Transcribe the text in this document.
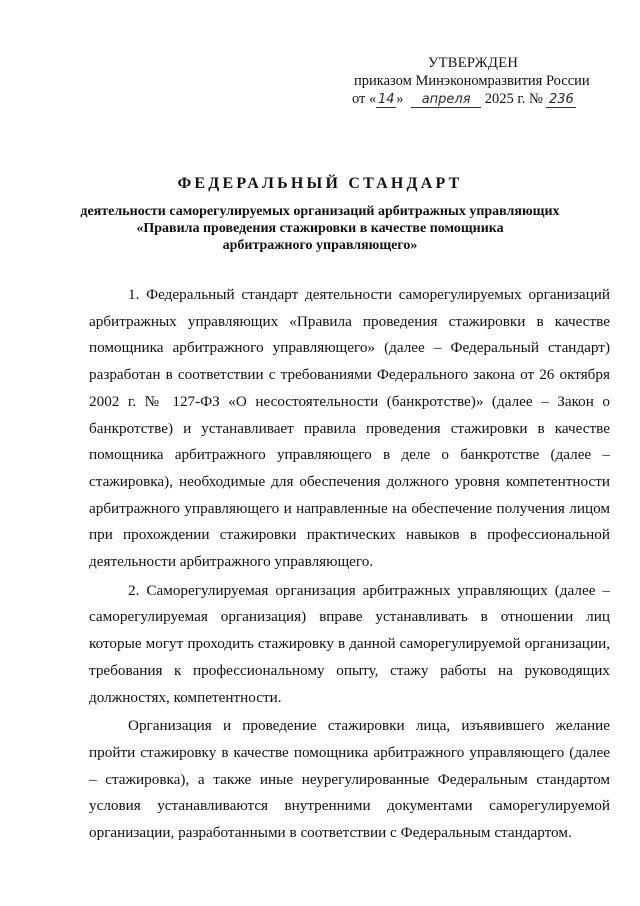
УТВЕРЖДЕН
приказом Минэкономразвития России
от « 14 » апреля 2025 г. № 236
ФЕДЕРАЛЬНЫЙ СТАНДАРТ
деятельности саморегулируемых организаций арбитражных управляющих
«Правила проведения стажировки в качестве помощника
арбитражного управляющего»

1. Федеральный стандарт деятельности саморегулируемых организаций арбитражных управляющих «Правила проведения стажировки в качестве помощника арбитражного управляющего» (далее – Федеральный стандарт) разработан в соответствии с требованиями Федерального закона от 26 октября 2002 г. № 127-ФЗ «О несостоятельности (банкротстве)» (далее – Закон о банкротстве) и устанавливает правила проведения стажировки в качестве помощника арбитражного управляющего в деле о банкротстве (далее – стажировка), необходимые для обеспечения должного уровня компетентности арбитражного управляющего и направленные на обеспечение получения лицом при прохождении стажировки практических навыков в профессиональной деятельности арбитражного управляющего.

2. Саморегулируемая организация арбитражных управляющих (далее – саморегулируемая организация) вправе устанавливать в отношении лиц которые могут проходить стажировку в данной саморегулируемой организации, требования к профессиональному опыту, стажу работы на руководящих должностях, компетентности.

Организация и проведение стажировки лица, изъявившего желание пройти стажировку в качестве помощника арбитражного управляющего (далее – стажировка), а также иные неурегулированные Федеральным стандартом условия устанавливаются внутренними документами саморегулируемой организации, разработанными в соответствии с Федеральным стандартом.
